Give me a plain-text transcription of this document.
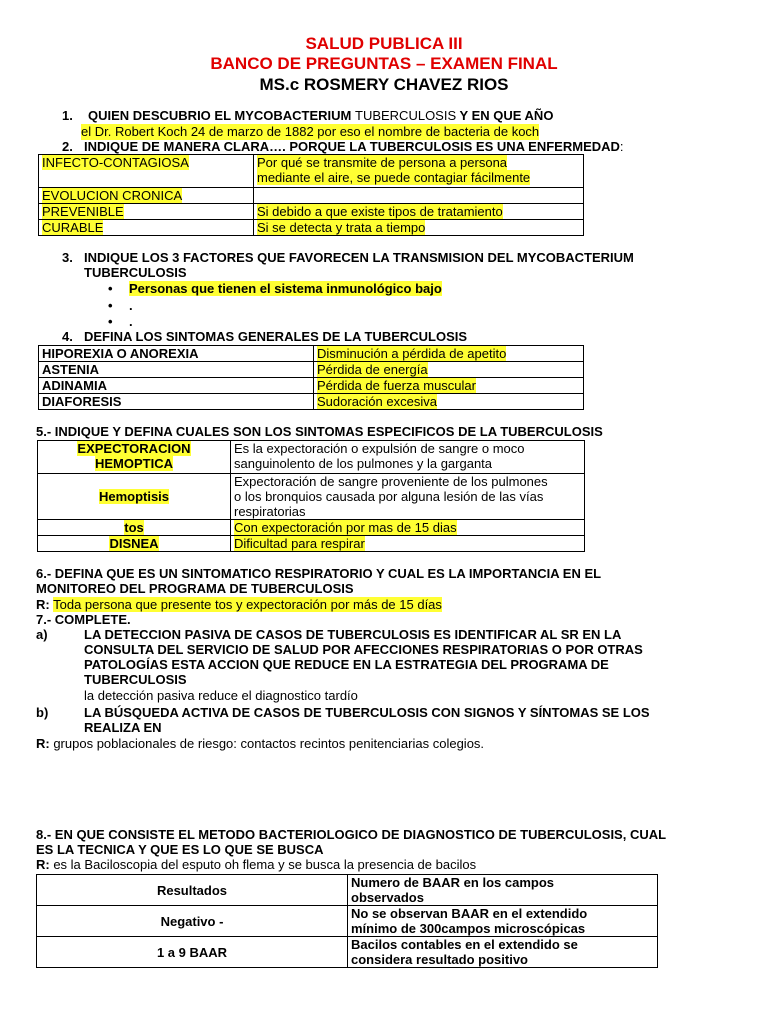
SALUD PUBLICA III
BANCO DE PREGUNTAS – EXAMEN FINAL
MS.c ROSMERY CHAVEZ RIOS
1. QUIEN DESCUBRIO EL MYCOBACTERIUM TUBERCULOSIS Y EN QUE AÑO
el Dr. Robert Koch 24 de marzo de 1882 por eso el nombre de bacteria de koch
2. INDIQUE DE MANERA CLARA…. PORQUE LA TUBERCULOSIS ES UNA ENFERMEDAD:
INFECTO-CONTAGIOSA	Por qué se transmite de persona a persona
mediante el aire, se puede contagiar fácilmente
EVOLUCION CRONICA	
PREVENIBLE	Si debido a que existe tipos de tratamiento
CURABLE	Si se detecta y trata a tiempo
3. INDIQUE LOS 3 FACTORES QUE FAVORECEN LA TRANSMISION DEL MYCOBACTERIUM
TUBERCULOSIS
• Personas que tienen el sistema inmunológico bajo
• .
• .
4. DEFINA LOS SINTOMAS GENERALES DE LA TUBERCULOSIS
HIPOREXIA O ANOREXIA	Disminución a pérdida de apetito
ASTENIA	Pérdida de energía
ADINAMIA	Pérdida de fuerza muscular
DIAFORESIS	Sudoración excesiva
5.- INDIQUE Y DEFINA CUALES SON LOS SINTOMAS ESPECIFICOS DE LA TUBERCULOSIS
EXPECTORACION
HEMOPTICA	Es la expectoración o expulsión de sangre o moco
sanguinolento de los pulmones y la garganta
Hemoptisis	Expectoración de sangre proveniente de los pulmones
o los bronquios causada por alguna lesión de las vías
respiratorias
tos	Con expectoración por mas de 15 dias
DISNEA	Dificultad para respirar
6.- DEFINA QUE ES UN SINTOMATICO RESPIRATORIO Y CUAL ES LA IMPORTANCIA EN EL
MONITOREO DEL PROGRAMA DE TUBERCULOSIS
R: Toda persona que presente tos y expectoración por más de 15 días
7.- COMPLETE.
a)	LA DETECCION PASIVA DE CASOS DE TUBERCULOSIS ES IDENTIFICAR AL SR EN LA
CONSULTA DEL SERVICIO DE SALUD POR AFECCIONES RESPIRATORIAS O POR OTRAS
PATOLOGÍAS ESTA ACCION QUE REDUCE EN LA ESTRATEGIA DEL PROGRAMA DE
TUBERCULOSIS
la detección pasiva reduce el diagnostico tardío
b)	LA BÚSQUEDA ACTIVA DE CASOS DE TUBERCULOSIS CON SIGNOS Y SÍNTOMAS SE LOS
REALIZA EN
R: grupos poblacionales de riesgo: contactos recintos penitenciarias colegios.
8.- EN QUE CONSISTE EL METODO BACTERIOLOGICO DE DIAGNOSTICO DE TUBERCULOSIS, CUAL
ES LA TECNICA Y QUE ES LO QUE SE BUSCA
R: es la Baciloscopia del esputo oh flema y se busca la presencia de bacilos
Resultados	Numero de BAAR en los campos
observados
Negativo -	No se observan BAAR en el extendido
mínimo de 300campos microscópicas
1 a 9 BAAR	Bacilos contables en el extendido se
considera resultado positivo
